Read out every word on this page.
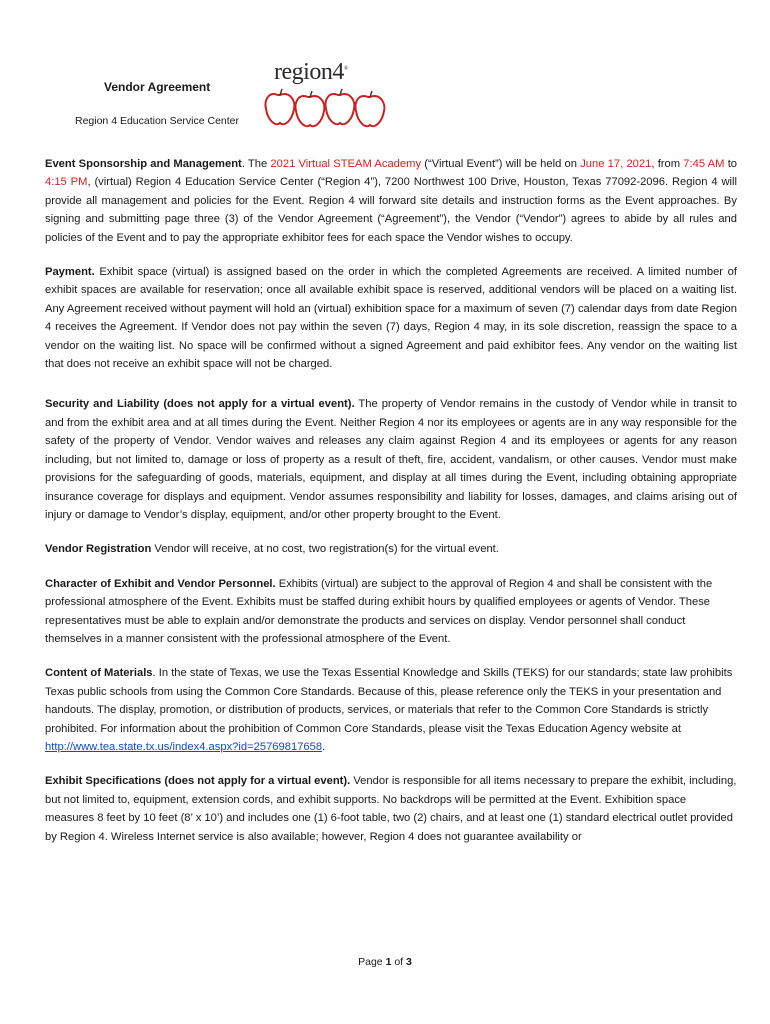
Vendor Agreement
Region 4 Education Service Center
region4®

Event Sponsorship and Management. The 2021 Virtual STEAM Academy (“Virtual Event”) will be held on June 17, 2021, from 7:45 AM to 4:15 PM, (virtual) Region 4 Education Service Center (“Region 4”), 7200 Northwest 100 Drive, Houston, Texas 77092-2096. Region 4 will provide all management and policies for the Event. Region 4 will forward site details and instruction forms as the Event approaches. By signing and submitting page three (3) of the Vendor Agreement (“Agreement”), the Vendor (“Vendor”) agrees to abide by all rules and policies of the Event and to pay the appropriate exhibitor fees for each space the Vendor wishes to occupy.

Payment. Exhibit space (virtual) is assigned based on the order in which the completed Agreements are received. A limited number of exhibit spaces are available for reservation; once all available exhibit space is reserved, additional vendors will be placed on a waiting list. Any Agreement received without payment will hold an (virtual) exhibition space for a maximum of seven (7) calendar days from date Region 4 receives the Agreement. If Vendor does not pay within the seven (7) days, Region 4 may, in its sole discretion, reassign the space to a vendor on the waiting list. No space will be confirmed without a signed Agreement and paid exhibitor fees. Any vendor on the waiting list that does not receive an exhibit space will not be charged.

Security and Liability (does not apply for a virtual event). The property of Vendor remains in the custody of Vendor while in transit to and from the exhibit area and at all times during the Event. Neither Region 4 nor its employees or agents are in any way responsible for the safety of the property of Vendor. Vendor waives and releases any claim against Region 4 and its employees or agents for any reason including, but not limited to, damage or loss of property as a result of theft, fire, accident, vandalism, or other causes. Vendor must make provisions for the safeguarding of goods, materials, equipment, and display at all times during the Event, including obtaining appropriate insurance coverage for displays and equipment. Vendor assumes responsibility and liability for losses, damages, and claims arising out of injury or damage to Vendor’s display, equipment, and/or other property brought to the Event.

Vendor Registration Vendor will receive, at no cost, two registration(s) for the virtual event.

Character of Exhibit and Vendor Personnel. Exhibits (virtual) are subject to the approval of Region 4 and shall be consistent with the professional atmosphere of the Event. Exhibits must be staffed during exhibit hours by qualified employees or agents of Vendor. These representatives must be able to explain and/or demonstrate the products and services on display. Vendor personnel shall conduct themselves in a manner consistent with the professional atmosphere of the Event.

Content of Materials. In the state of Texas, we use the Texas Essential Knowledge and Skills (TEKS) for our standards; state law prohibits Texas public schools from using the Common Core Standards. Because of this, please reference only the TEKS in your presentation and handouts. The display, promotion, or distribution of products, services, or materials that refer to the Common Core Standards is strictly prohibited. For information about the prohibition of Common Core Standards, please visit the Texas Education Agency website at http://www.tea.state.tx.us/index4.aspx?id=25769817658.

Exhibit Specifications (does not apply for a virtual event). Vendor is responsible for all items necessary to prepare the exhibit, including, but not limited to, equipment, extension cords, and exhibit supports. No backdrops will be permitted at the Event. Exhibition space measures 8 feet by 10 feet (8’ x 10’) and includes one (1) 6-foot table, two (2) chairs, and at least one (1) standard electrical outlet provided by Region 4. Wireless Internet service is also available; however, Region 4 does not guarantee availability or

Page 1 of 3
